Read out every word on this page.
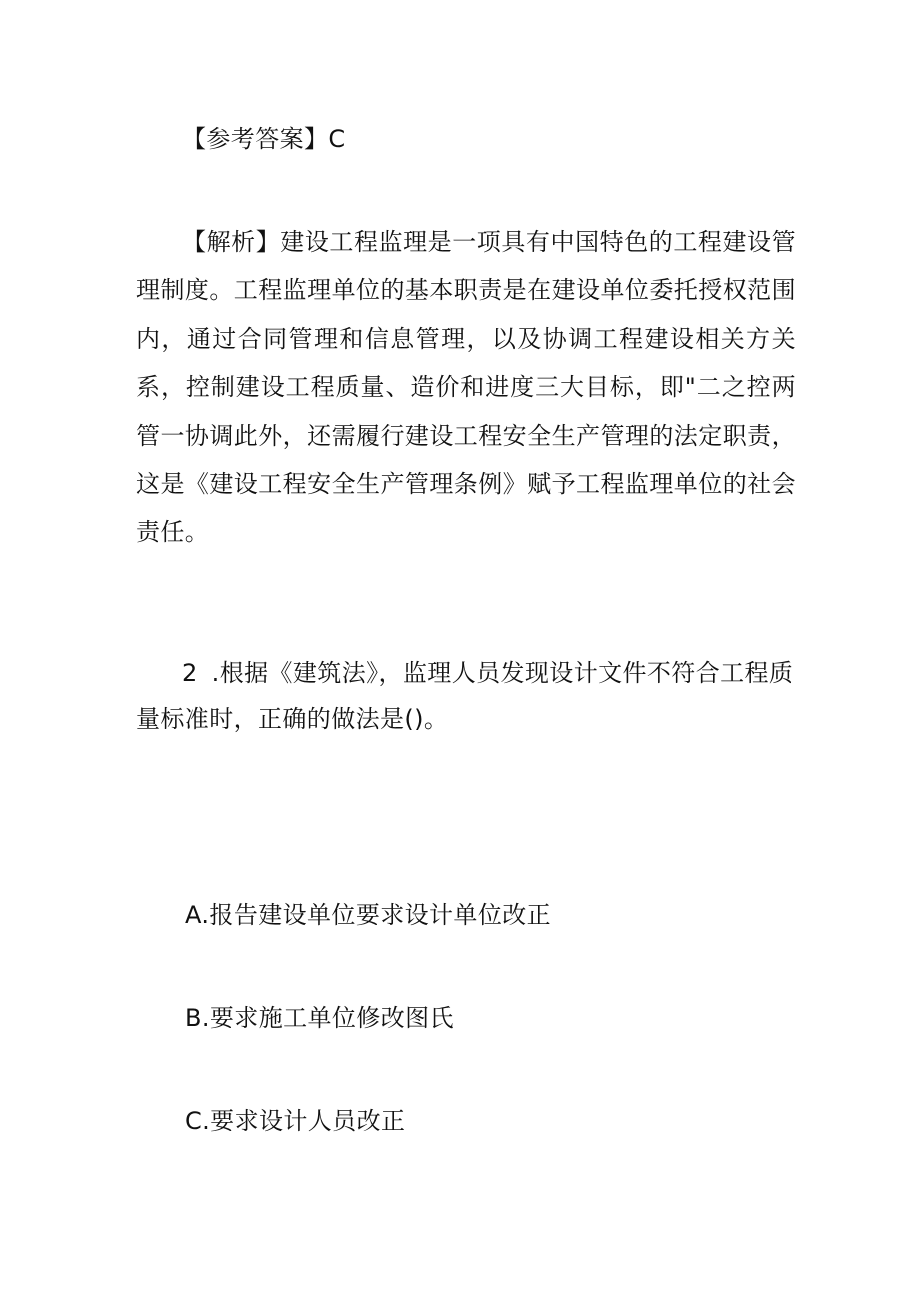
【参考答案】C
【解析】建设工程监理是一项具有中国特色的工程建设管理制度。工程监理单位的基本职责是在建设单位委托授权范围内，通过合同管理和信息管理，以及协调工程建设相关方关系，控制建设工程质量、造价和进度三大目标，即"二之控两管一协调此外，还需履行建设工程安全生产管理的法定职责，这是《建设工程安全生产管理条例》赋予工程监理单位的社会责任。
2 .根据《建筑法》，监理人员发现设计文件不符合工程质量标准时，正确的做法是()。
A.报告建设单位要求设计单位改正
B.要求施工单位修改图氏
C.要求设计人员改正
